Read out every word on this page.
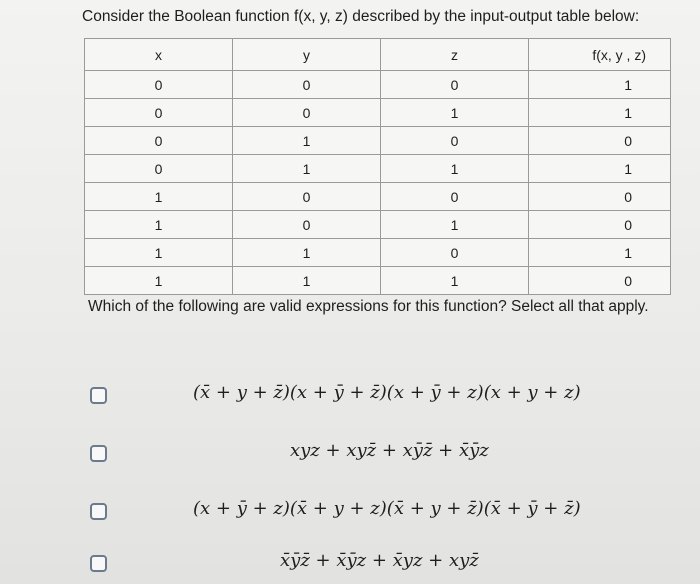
Consider the Boolean function f(x, y, z) described by the input-output table below:
x	y	z	f(x, y , z)
0	0	0	1
0	0	1	1
0	1	0	0
0	1	1	1
1	0	0	0
1	0	1	0
1	1	0	1
1	1	1	0
Which of the following are valid expressions for this function? Select all that apply.
(x̄ + y + z̄)(x + ȳ + z̄)(x + ȳ + z)(x + y + z)
xyz + xyz̄ + xȳz̄ + x̄ȳz
(x + ȳ + z)(x̄ + y + z)(x̄ + y + z̄)(x̄ + ȳ + z̄)
x̄ȳz̄ + x̄ȳz + x̄yz + xyz̄
